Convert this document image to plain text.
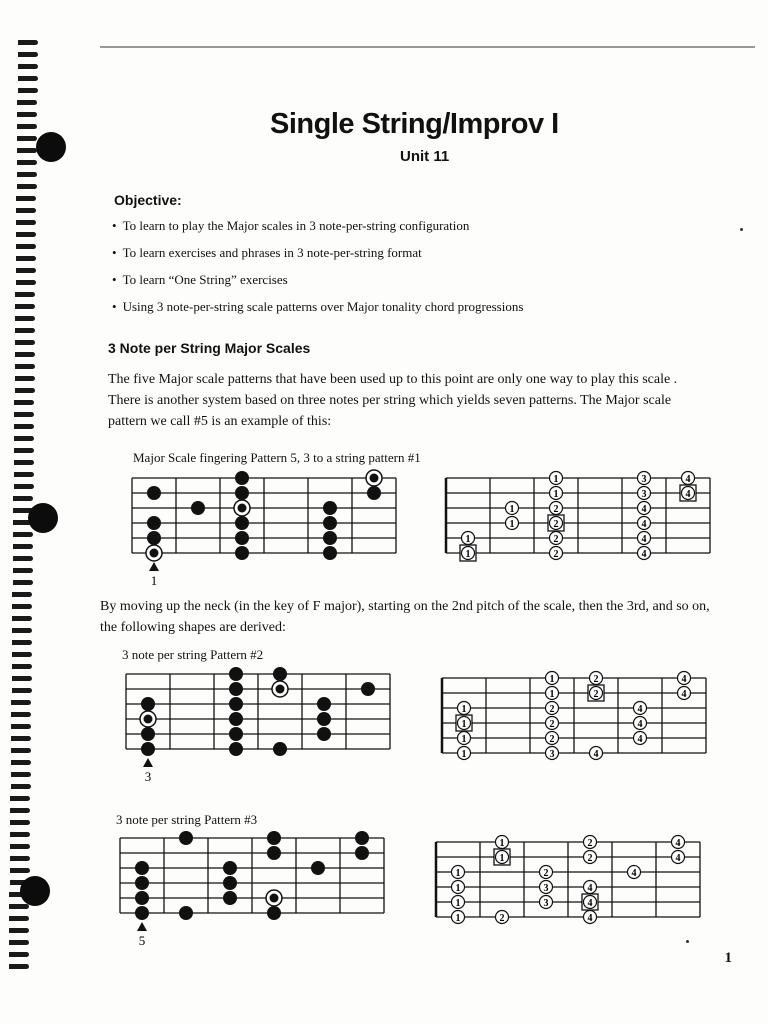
Single String/Improv I
Unit 11
Objective:
• To learn to play the Major scales in 3 note-per-string configuration
• To learn exercises and phrases in 3 note-per-string format
• To learn “One String” exercises
• Using 3 note-per-string scale patterns over Major tonality chord progressions
3 Note per String Major Scales

The five Major scale patterns that have been used up to this point are only one way to play this scale . There is another system based on three notes per string which yields seven patterns. The Major scale pattern we call #5 is an example of this:

Major Scale fingering Pattern 5, 3 to a string pattern #1
1
1	3	4
1	3	4
1	2	4
1	2	4
1	2	4
1	2	4

By moving up the neck (in the key of F major), starting on the 2nd pitch of the scale, then the 3rd, and so on, the following shapes are derived:

3 note per string Pattern #2
3
1	2	4
1	2	4
1	2	4
1	2	4
1	2	4
1	3	4
3 note per string Pattern #3
5
1	2	4
1	2	4
1	2	4
1	3	4
1	3	4
1	2	4
1
